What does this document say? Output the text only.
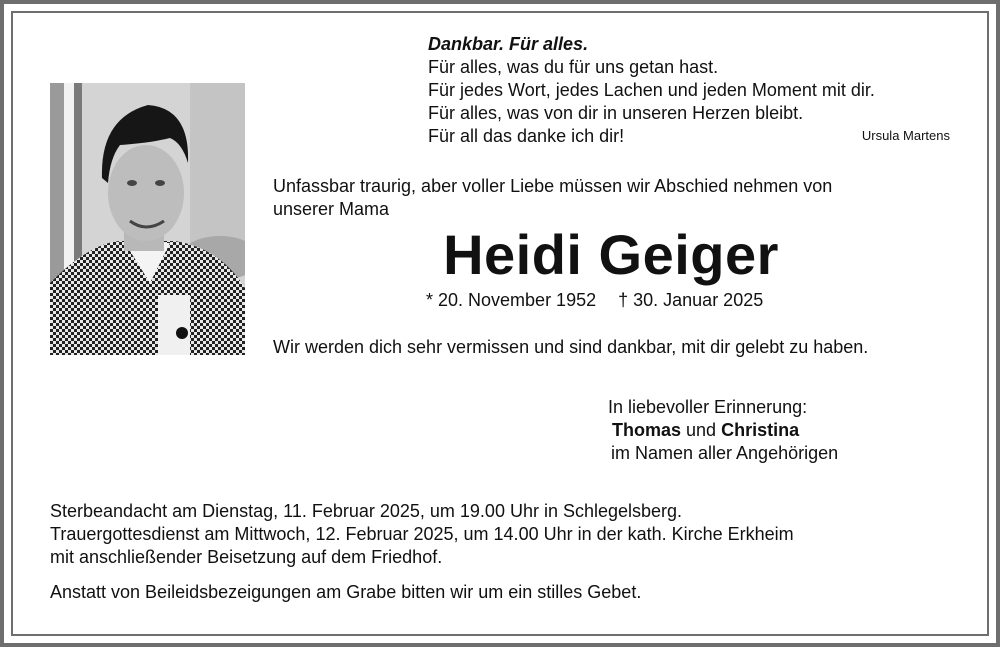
Dankbar. Für alles.
Für alles, was du für uns getan hast.
Für jedes Wort, jedes Lachen und jeden Moment mit dir.
Für alles, was von dir in unseren Herzen bleibt.
Für all das danke ich dir!	Ursula Martens
Unfassbar traurig, aber voller Liebe müssen wir Abschied nehmen von
unserer Mama
Heidi Geiger
* 20. November 1952 † 30. Januar 2025
Wir werden dich sehr vermissen und sind dankbar, mit dir gelebt zu haben.
In liebevoller Erinnerung:
Thomas und Christina
im Namen aller Angehörigen
Sterbeandacht am Dienstag, 11. Februar 2025, um 19.00 Uhr in Schlegelsberg.
Trauergottesdienst am Mittwoch, 12. Februar 2025, um 14.00 Uhr in der kath. Kirche Erkheim
mit anschließender Beisetzung auf dem Friedhof.
Anstatt von Beileidsbezeigungen am Grabe bitten wir um ein stilles Gebet.
